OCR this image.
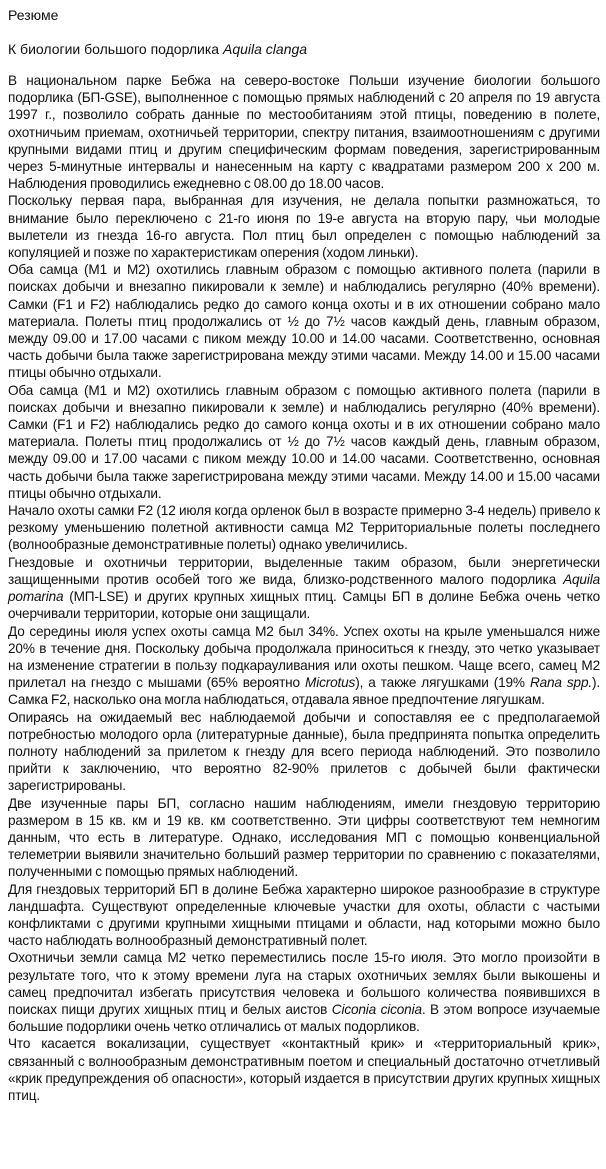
Резюме
К биологии большого подорлика Aquila clanga

В национальном парке Бебжа на северо-востоке Польши изучение биологии большого подорлика (БП-GSE), выполненное с помощью прямых наблюдений с 20 апреля по 19 августа 1997 г., позволило собрать данные по местообитаниям этой птицы, поведению в полете, охотничьим приемам, охотничьей территории, спектру питания, взаимоотношениям с другими крупными видами птиц и другим специфическим формам поведения, зарегистрированным через 5-минутные интервалы и нанесенным на карту с квадратами размером 200 х 200 м. Наблюдения проводились ежедневно с 08.00 до 18.00 часов.

Поскольку первая пара, выбранная для изучения, не делала попытки размножаться, то внимание было переключено с 21-го июня по 19-е августа на вторую пару, чьи молодые вылетели из гнезда 16-го августа. Пол птиц был определен с помощью наблюдений за копуляцией и позже по характеристикам оперения (ходом линьки).

Оба самца (M1 и M2) охотились главным образом с помощью активного полета (парили в поисках добычи и внезапно пикировали к земле) и наблюдались регулярно (40% времени). Самки (F1 и F2) наблюдались редко до самого конца охоты и в их отношении собрано мало материала. Полеты птиц продолжались от ½ до 7½ часов каждый день, главным образом, между 09.00 и 17.00 часами с пиком между 10.00 и 14.00 часами. Соответственно, основная часть добычи была также зарегистрирована между этими часами. Между 14.00 и 15.00 часами птицы обычно отдыхали.

Оба самца (M1 и M2) охотились главным образом с помощью активного полета (парили в поисках добычи и внезапно пикировали к земле) и наблюдались регулярно (40% времени). Самки (F1 и F2) наблюдались редко до самого конца охоты и в их отношении собрано мало материала. Полеты птиц продолжались от ½ до 7½ часов каждый день, главным образом, между 09.00 и 17.00 часами с пиком между 10.00 и 14.00 часами. Соответственно, основная часть добычи была также зарегистрирована между этими часами. Между 14.00 и 15.00 часами птицы обычно отдыхали.

Начало охоты самки F2 (12 июля когда орленок был в возрасте примерно 3-4 недель) привело к резкому уменьшению полетной активности самца M2 Территориальные полеты последнего (волнообразные демонстративные полеты) однако увеличились.

Гнездовые и охотничьи территории, выделенные таким образом, были энергетически защищенными против особей того же вида, близко-родственного малого подорлика Aquila pomarina (МП-LSE) и других крупных хищных птиц. Самцы БП в долине Бебжа очень четко очерчивали территории, которые они защищали.

До середины июля успех охоты самца M2 был 34%. Успех охоты на крыле уменьшался ниже 20% в течение дня. Поскольку добыча продолжала приноситься к гнезду, это четко указывает на изменение стратегии в пользу подкарауливания или охоты пешком. Чаще всего, самец M2 прилетал на гнездо с мышами (65% вероятно Microtus), а также лягушками (19% Rana spp.). Самка F2, насколько она могла наблюдаться, отдавала явное предпочтение лягушкам.

Опираясь на ожидаемый вес наблюдаемой добычи и сопоставляя ее с предполагаемой потребностью молодого орла (литературные данные), была предпринята попытка определить полноту наблюдений за прилетом к гнезду для всего периода наблюдений. Это позволило прийти к заключению, что вероятно 82-90% прилетов с добычей были фактически зарегистрированы.

Две изученные пары БП, согласно нашим наблюдениям, имели гнездовую территорию размером в 15 кв. км и 19 кв. км соответственно. Эти цифры соответствуют тем немногим данным, что есть в литературе. Однако, исследования МП с помощью конвенциальной телеметрии выявили значительно больший размер территории по сравнению с показателями, полученными с помощью прямых наблюдений.

Для гнездовых территорий БП в долине Бебжа характерно широкое разнообразие в структуре ландшафта. Существуют определенные ключевые участки для охоты, области с частыми конфликтами с другими крупными хищными птицами и области, над которыми можно было часто наблюдать волнообразный демонстративный полет.

Охотничьи земли самца M2 четко переместились после 15-го июля. Это могло произойти в результате того, что к этому времени луга на старых охотничьих землях были выкошены и самец предпочитал избегать присутствия человека и большого количества появившихся в поисках пищи других хищных птиц и белых аистов Ciconia ciconia. В этом вопросе изучаемые большие подорлики очень четко отличались от малых подорликов.

Что касается вокализации, существует «контактный крик» и «территориальный крик», связанный с волнообразным демонстративным поетом и специальный достаточно отчетливый «крик предупреждения об опасности», который издается в присутствии других крупных хищных птиц.
